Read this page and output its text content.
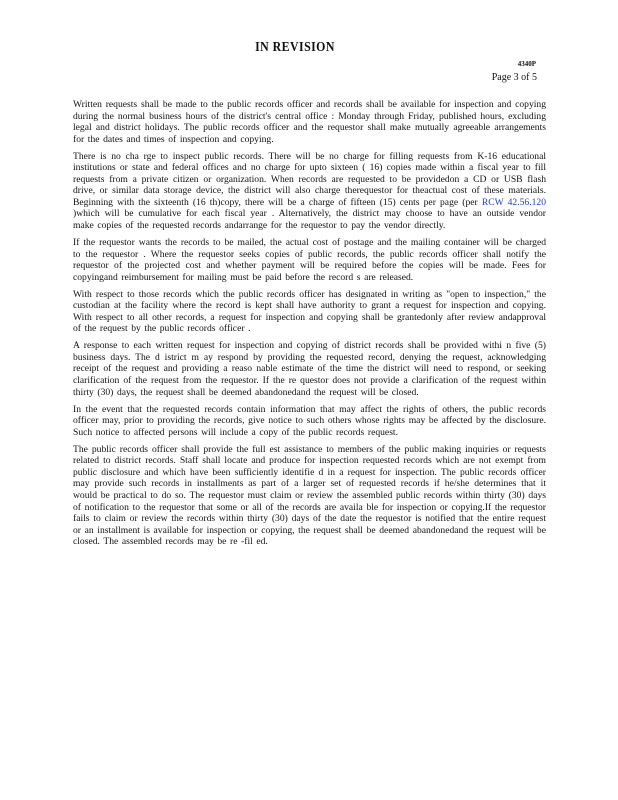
IN REVISION
4340P
Page 3 of 5

Written requests shall be made to the public records officer and records shall be available for inspection and copying during the normal business hours of the district's central office : Monday through Friday, published hours, excluding legal and district holidays. The public records officer and the requestor shall make mutually agreeable arrangements for the dates and times of inspection and copying.

There is no cha rge to inspect public records. There will be no charge for filling requests from K-16 educational institutions or state and federal offices and no charge for upto sixteen ( 16) copies made within a fiscal year to fill requests from a private citizen or organization. When records are requested to be providedon a CD or USB flash drive, or similar data storage device, the district will also charge therequestor for theactual cost of these materials. Beginning with the sixteenth (16 th)copy, there will be a charge of fifteen (15) cents per page (per RCW 42.56.120 )which will be cumulative for each fiscal year . Alternatively, the district may choose to have an outside vendor make copies of the requested records andarrange for the requestor to pay the vendor directly.

If the requestor wants the records to be mailed, the actual cost of postage and the mailing container will be charged to the requestor . Where the requestor seeks copies of public records, the public records officer shall notify the requestor of the projected cost and whether payment will be required before the copies will be made. Fees for copyingand reimbursement for mailing must be paid before the record s are released.

With respect to those records which the public records officer has designated in writing as "open to inspection," the custodian at the facility where the record is kept shall have authority to grant a request for inspection and copying. With respect to all other records, a request for inspection and copying shall be grantedonly after review andapproval of the request by the public records officer .

A response to each written request for inspection and copying of district records shall be provided withi n five (5) business days. The d istrict m ay respond by providing the requested record, denying the request, acknowledging receipt of the request and providing a reaso nable estimate of the time the district will need to respond, or seeking clarification of the request from the requestor. If the re questor does not provide a clarification of the request within thirty (30) days, the request shall be deemed abandonedand the request will be closed.

In the event that the requested records contain information that may affect the rights of others, the public records officer may, prior to providing the records, give notice to such others whose rights may be affected by the disclosure. Such notice to affected persons will include a copy of the public records request.

The public records officer shall provide the full est assistance to members of the public making inquiries or requests related to district records. Staff shall locate and produce for inspection requested records which are not exempt from public disclosure and which have been sufficiently identifie d in a request for inspection. The public records officer may provide such records in installments as part of a larger set of requested records if he/she determines that it would be practical to do so. The requestor must claim or review the assembled public records within thirty (30) days of notification to the requestor that some or all of the records are availa ble for inspection or copying.If the requestor fails to claim or review the records within thirty (30) days of the date the requestor is notified that the entire request or an installment is available for inspection or copying, the request shall be deemed abandonedand the request will be closed. The assembled records may be re -fil ed.
